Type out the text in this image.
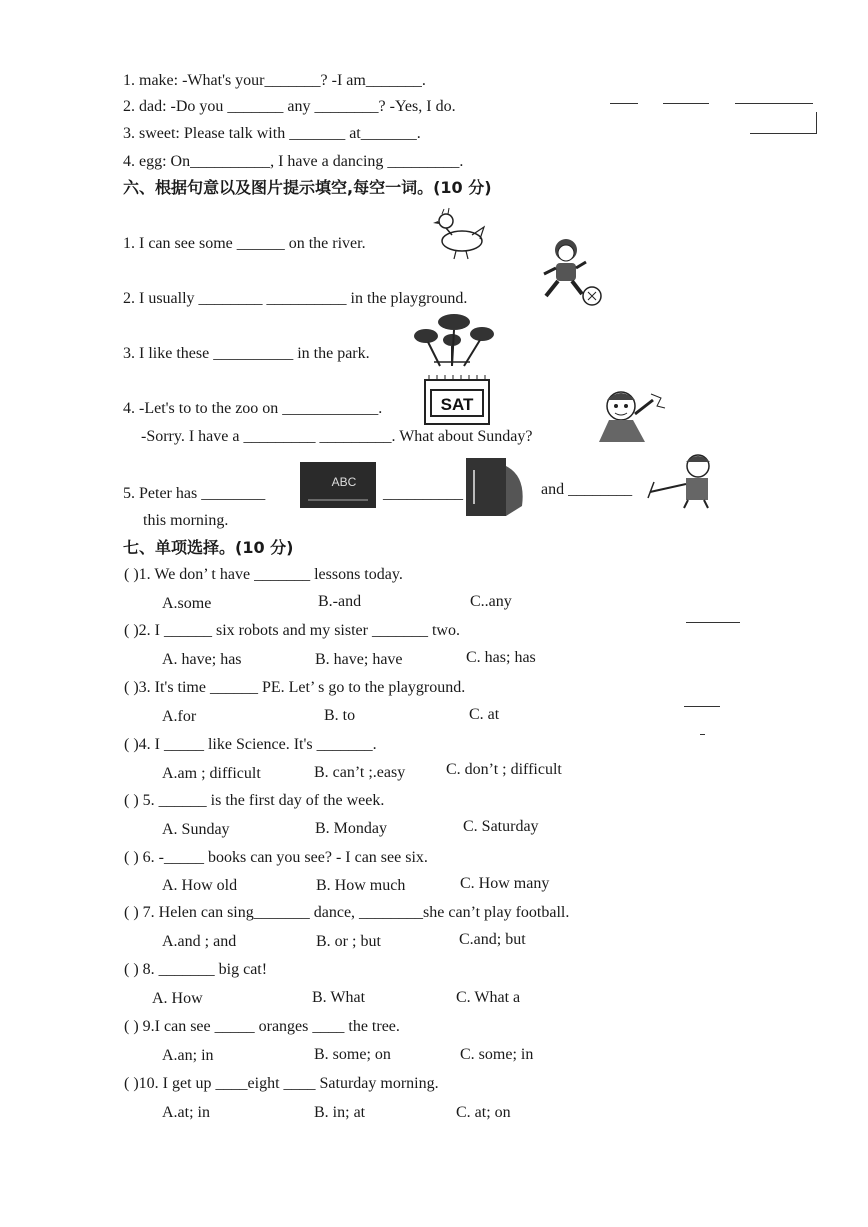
1. make: -What's your_______? -I am_______.
2. dad: -Do you _______ any ________? -Yes, I do.
3. sweet: Please talk with _______ at_______.
4. egg: On__________, I have a dancing _________.
六、根据句意以及图片提示填空,每空一词。(10 分)
1. I can see some ______ on the river.
2. I usually ________ __________ in the playground.
3. I like these __________ in the park.
4. -Let's to to the zoo on ____________.
-Sorry. I have a _________ _________. What about Sunday?
SAT
5. Peter has ________
ABC
__________	and ________
this morning.
七、单项选择。(10 分)
( )1. We don’ t have _______ lessons today.
A.some	B.-and	C..any
( )2. I ______ six robots and my sister _______ two.
A. have; has	B. have; have	C. has; has
( )3. It's time ______ PE. Let’ s go to the playground.
A.for	B. to	C. at
( )4. I _____ like Science. It's _______.
A.am ; difficult	B. can’t ;.easy	C. don’t ; difficult
( ) 5. ______ is the first day of the week.
A. Sunday	B. Monday	C. Saturday
( ) 6. -_____ books can you see? - I can see six.
A. How old	B. How much	C. How many
( ) 7. Helen can sing_______ dance, ________she can’t play football.
A.and ; and	B. or ; but	C.and; but
( ) 8. _______ big cat!
A. How	B. What	C. What a
( ) 9.I can see _____ oranges ____ the tree.
A.an; in	B. some; on	C. some; in
( )10. I get up ____eight ____ Saturday morning.
A.at; in	B. in; at	C. at; on
